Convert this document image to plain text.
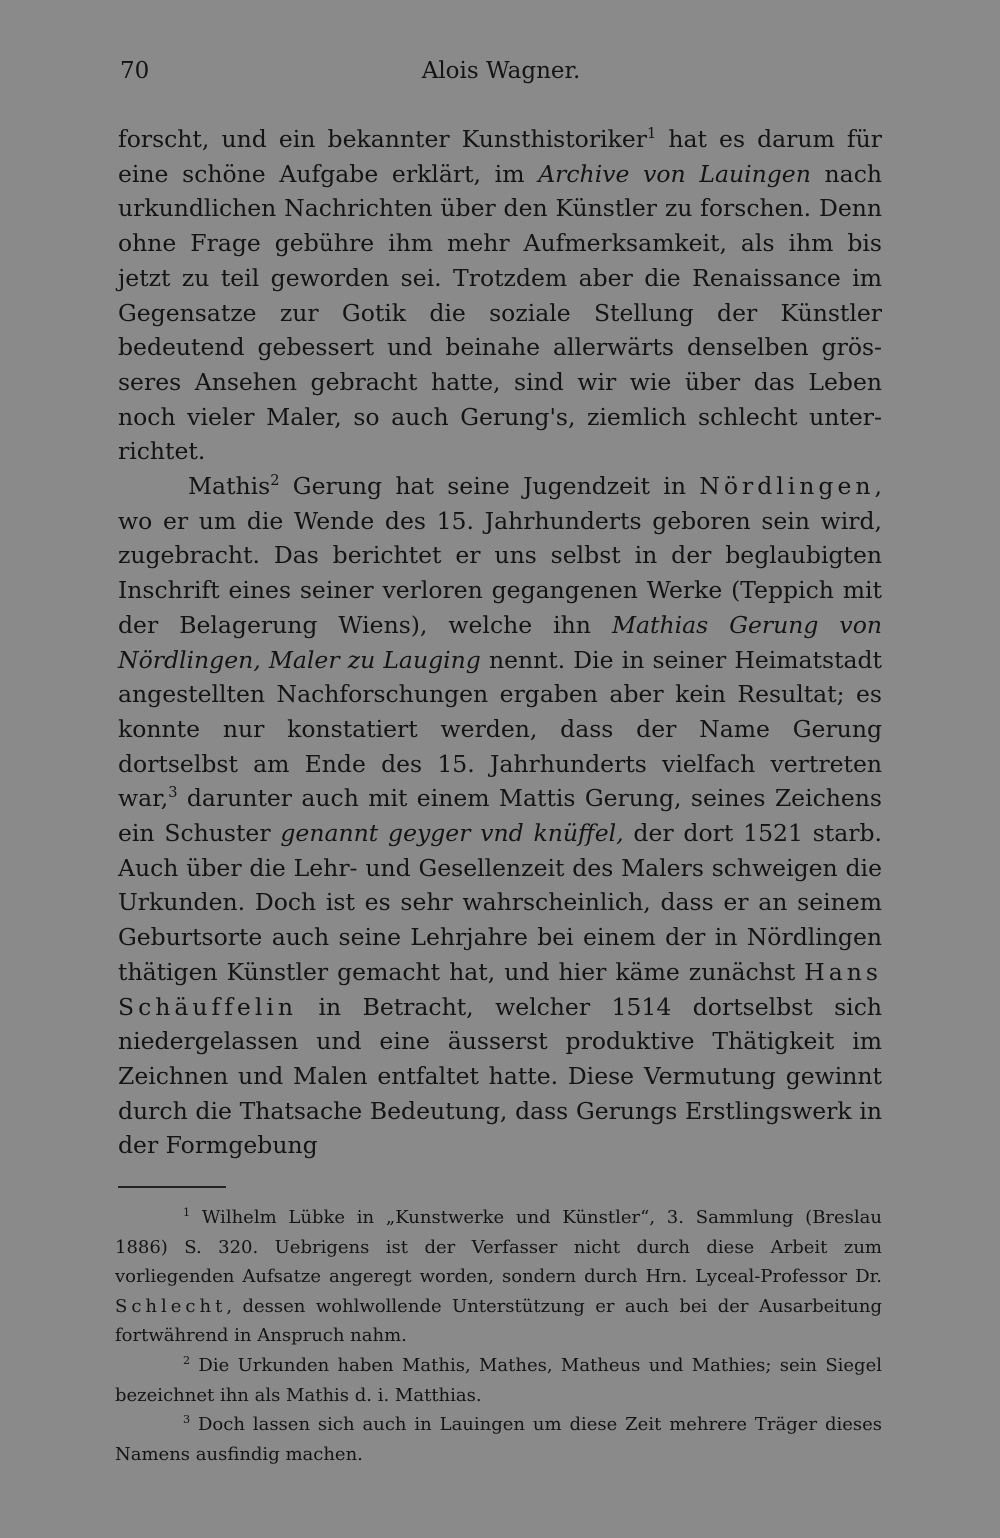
70	Alois Wagner.

forscht, und ein bekannter Kunsthistoriker$^1$ hat es darum für eine schöne Aufgabe erklärt, im Archive von Lauingen nach urkundlichen Nachrichten über den Künstler zu forschen. Denn ohne Frage gebühre ihm mehr Aufmerksamkeit, als ihm bis jetzt zu teil geworden sei. Trotzdem aber die Renaissance im Gegensatze zur Gotik die soziale Stellung der Künstler bedeutend gebessert und beinahe allerwärts denselben grösseres Ansehen gebracht hatte, sind wir wie über das Leben noch vieler Maler, so auch Gerung's, ziemlich schlecht unterrichtet.

Mathis$^2$ Gerung hat seine Jugendzeit in Nördlingen, wo er um die Wende des 15. Jahrhunderts geboren sein wird, zugebracht. Das berichtet er uns selbst in der beglaubigten Inschrift eines seiner verloren gegangenen Werke (Teppich mit der Belagerung Wiens), welche ihn Mathias Gerung von Nördlingen, Maler zu Lauging nennt. Die in seiner Heimatstadt angestellten Nachforschungen ergaben aber kein Resultat; es konnte nur konstatiert werden, dass der Name Gerung dortselbst am Ende des 15. Jahrhunderts vielfach vertreten war,$^3$ darunter auch mit einem Mattis Gerung, seines Zeichens ein Schuster genannt geyger vnd knüffel, der dort 1521 starb. Auch über die Lehr- und Gesellenzeit des Malers schweigen die Urkunden. Doch ist es sehr wahrscheinlich, dass er an seinem Geburtsorte auch seine Lehrjahre bei einem der in Nördlingen thätigen Künstler gemacht hat, und hier käme zunächst Hans Schäuffelin in Betracht, welcher 1514 dortselbst sich niedergelassen und eine äusserst produktive Thätigkeit im Zeichnen und Malen entfaltet hatte. Diese Vermutung gewinnt durch die Thatsache Bedeutung, dass Gerungs Erstlingswerk in der Formgebung

$^1$ Wilhelm Lübke in „Kunstwerke und Künstler“, 3. Sammlung (Breslau 1886) S. 320. Uebrigens ist der Verfasser nicht durch diese Arbeit zum vorliegenden Aufsatze angeregt worden, sondern durch Hrn. Lyceal-Professor Dr. Schlecht, dessen wohlwollende Unterstützung er auch bei der Ausarbeitung fortwährend in Anspruch nahm.

$^2$ Die Urkunden haben Mathis, Mathes, Matheus und Mathies; sein Siegel bezeichnet ihn als Mathis d. i. Matthias.

$^3$ Doch lassen sich auch in Lauingen um diese Zeit mehrere Träger dieses Namens ausfindig machen.
